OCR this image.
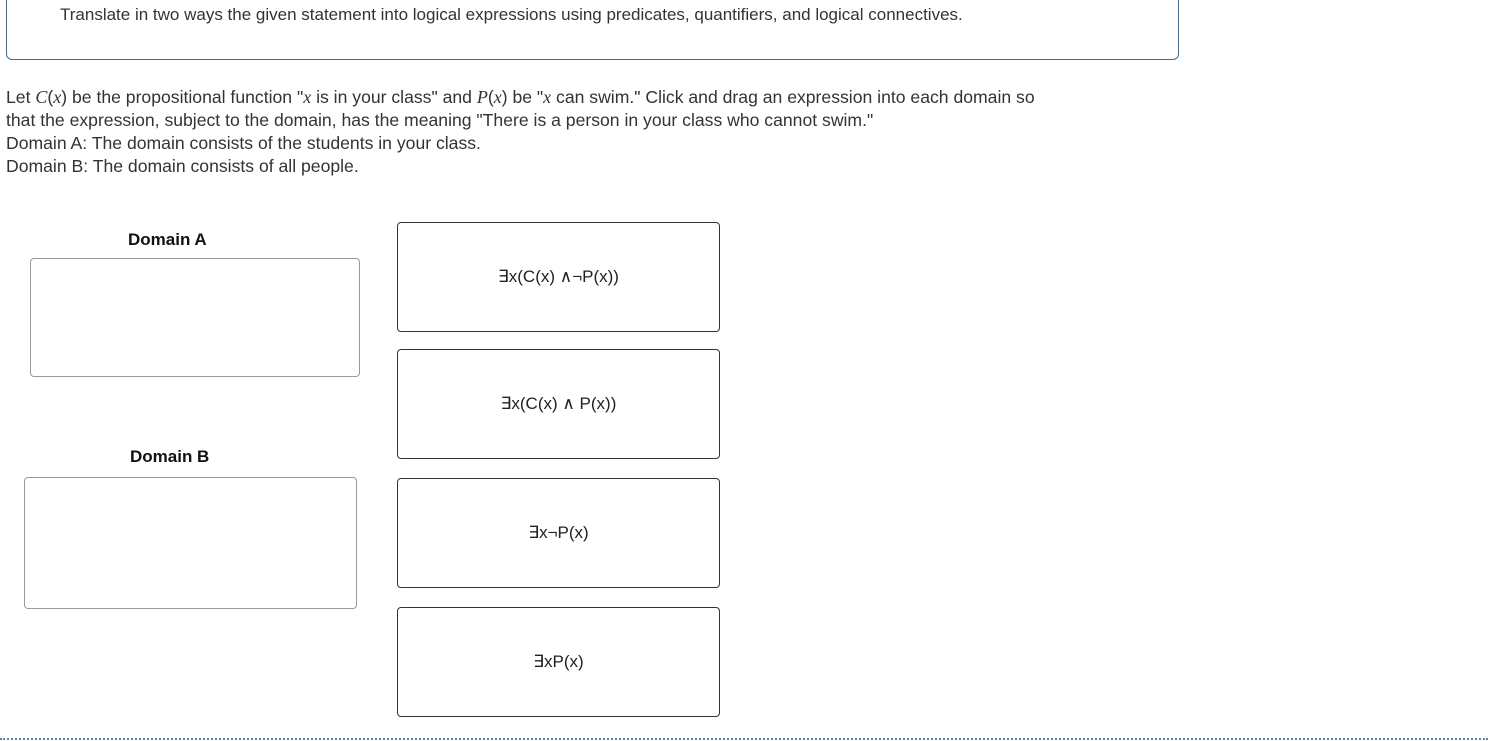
Translate in two ways the given statement into logical expressions using predicates, quantifiers, and logical connectives.

Let C(x) be the propositional function "x is in your class" and P(x) be "x can swim." Click and drag an expression into each domain so

that the expression, subject to the domain, has the meaning "There is a person in your class who cannot swim."

Domain A: The domain consists of the students in your class.

Domain B: The domain consists of all people.

Domain A
Domain B
∃x(C(x) ∧¬P(x))
∃x(C(x) ∧ P(x))
∃x¬P(x)
∃xP(x)
